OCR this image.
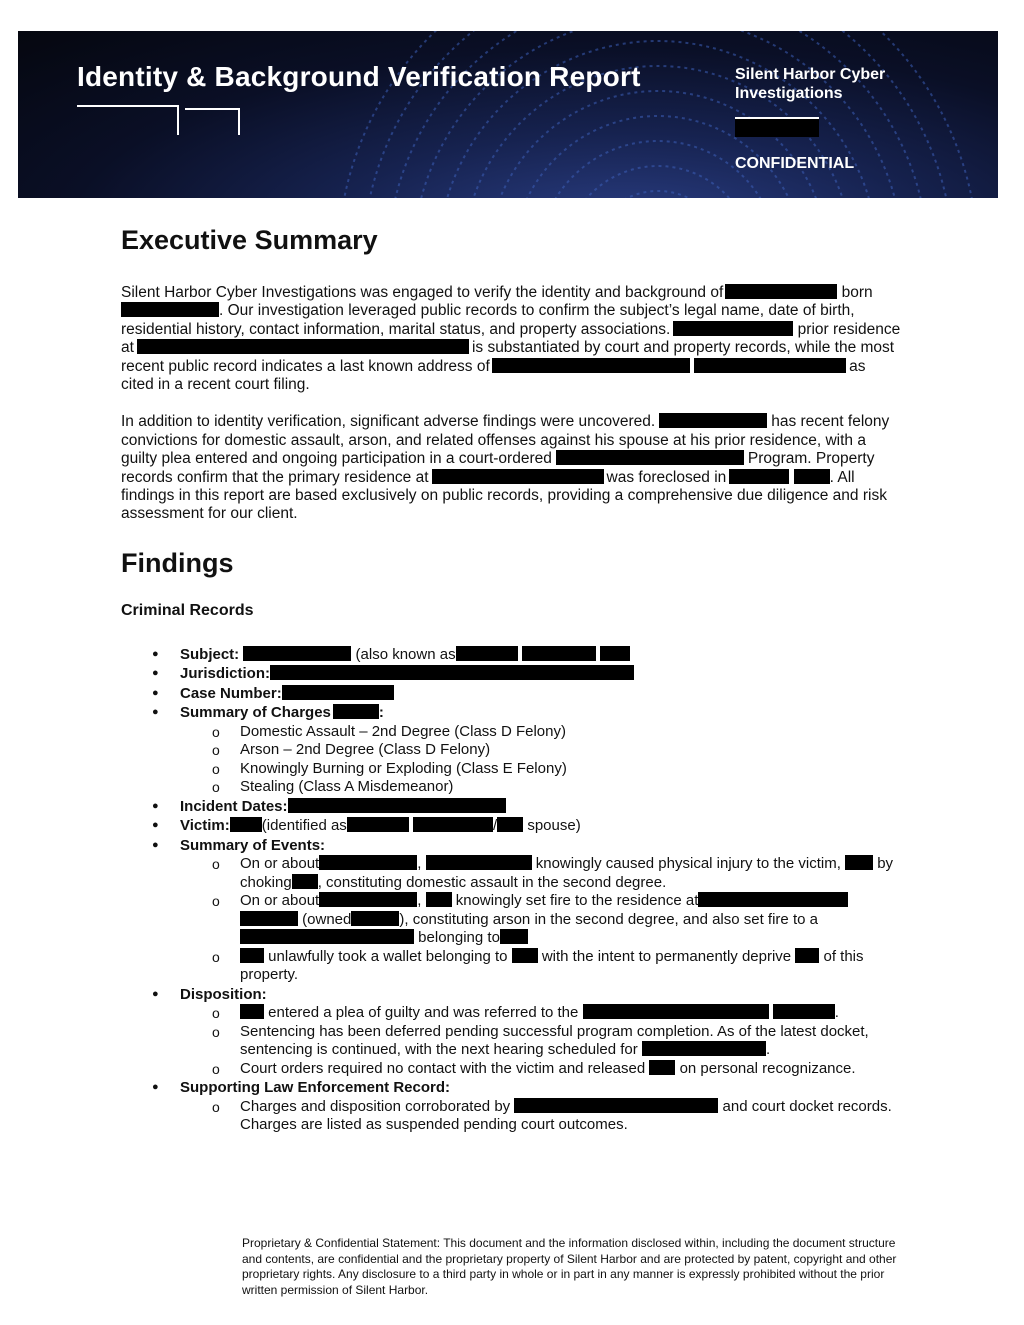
Identity & Background Verification Report	Silent Harbor Cyber Investigations
CONFIDENTIAL
Executive Summary

Silent Harbor Cyber Investigations was engaged to verify the identity and background of	born. Our investigation leveraged public records to confirm the subject’s legal name, date of birth, residential history, contact information, marital status, and property associations.	prior residence at	is substantiated by court and property records, while the most recent public record indicates a last known address of	as cited in a recent court filing.

In addition to identity verification, significant adverse findings were uncovered.	has recent felony convictions for domestic assault, arson, and related offenses against his spouse at his prior residence, with a guilty plea entered and ongoing participation in a court-ordered	Program. Property records confirm that the primary residence at	was foreclosed in	. All findings in this report are based exclusively on public records, providing a comprehensive due diligence and risk assessment for our client.

Findings
Criminal Records
● Subject:	(also known as
● Jurisdiction:
● Case Number:
● Summary of Charges	:
o Domestic Assault – 2nd Degree (Class D Felony)
o Arson – 2nd Degree (Class D Felony)
o Knowingly Burning or Exploding (Class E Felony)
o Stealing (Class A Misdemeanor)
● Incident Dates:
● Victim: (identified as	/ spouse)
● Summary of Events:
o On or about	,	knowingly caused physical injury to the victim, by choking , constituting domestic assault in the second degree.
o On or about	, knowingly set fire to the residence at  (owned	), constituting arson in the second degree, and also set fire to a  belonging to
o unlawfully took a wallet belonging to with the intent to permanently deprive of this property.
● Disposition:
o entered a plea of guilty and was referred to the	.
o Sentencing has been deferred pending successful program completion. As of the latest docket, sentencing is continued, with the next hearing scheduled for	.
o Court orders required no contact with the victim and released on personal recognizance.
● Supporting Law Enforcement Record:
o Charges and disposition corroborated by	and court docket records. Charges are listed as suspended pending court outcomes.
Proprietary & Confidential Statement: This document and the information disclosed within, including the document structure and contents, are confidential and the proprietary property of Silent Harbor and are protected by patent, copyright and other proprietary rights. Any disclosure to a third party in whole or in part in any manner is expressly prohibited without the prior written permission of Silent Harbor.
